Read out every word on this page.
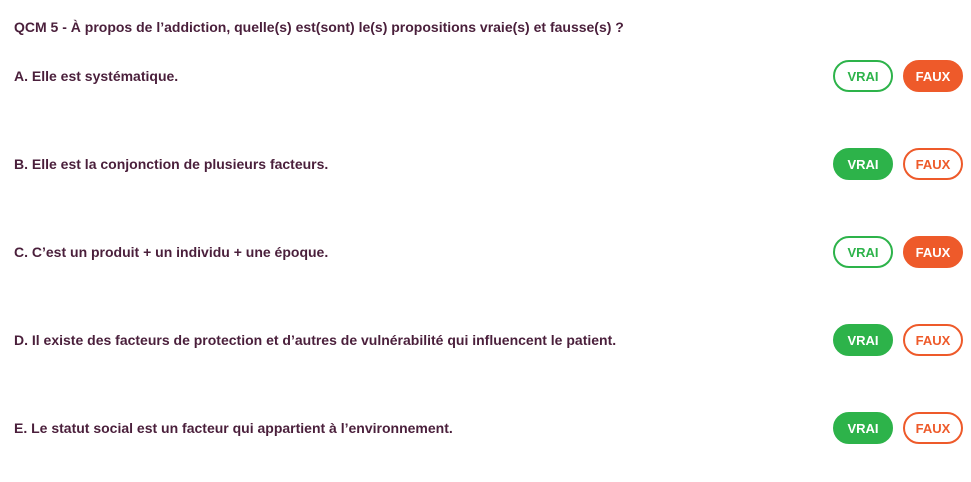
QCM 5 - À propos de l’addiction, quelle(s) est(sont) le(s) propositions vraie(s) et fausse(s) ?
A. Elle est systématique.	VRAI	FAUX
B. Elle est la conjonction de plusieurs facteurs.	VRAI	FAUX
C. C’est un produit + un individu + une époque.	VRAI	FAUX
D. Il existe des facteurs de protection et d’autres de vulnérabilité qui influencent le patient.	VRAI	FAUX
E. Le statut social est un facteur qui appartient à l’environnement.	VRAI	FAUX
